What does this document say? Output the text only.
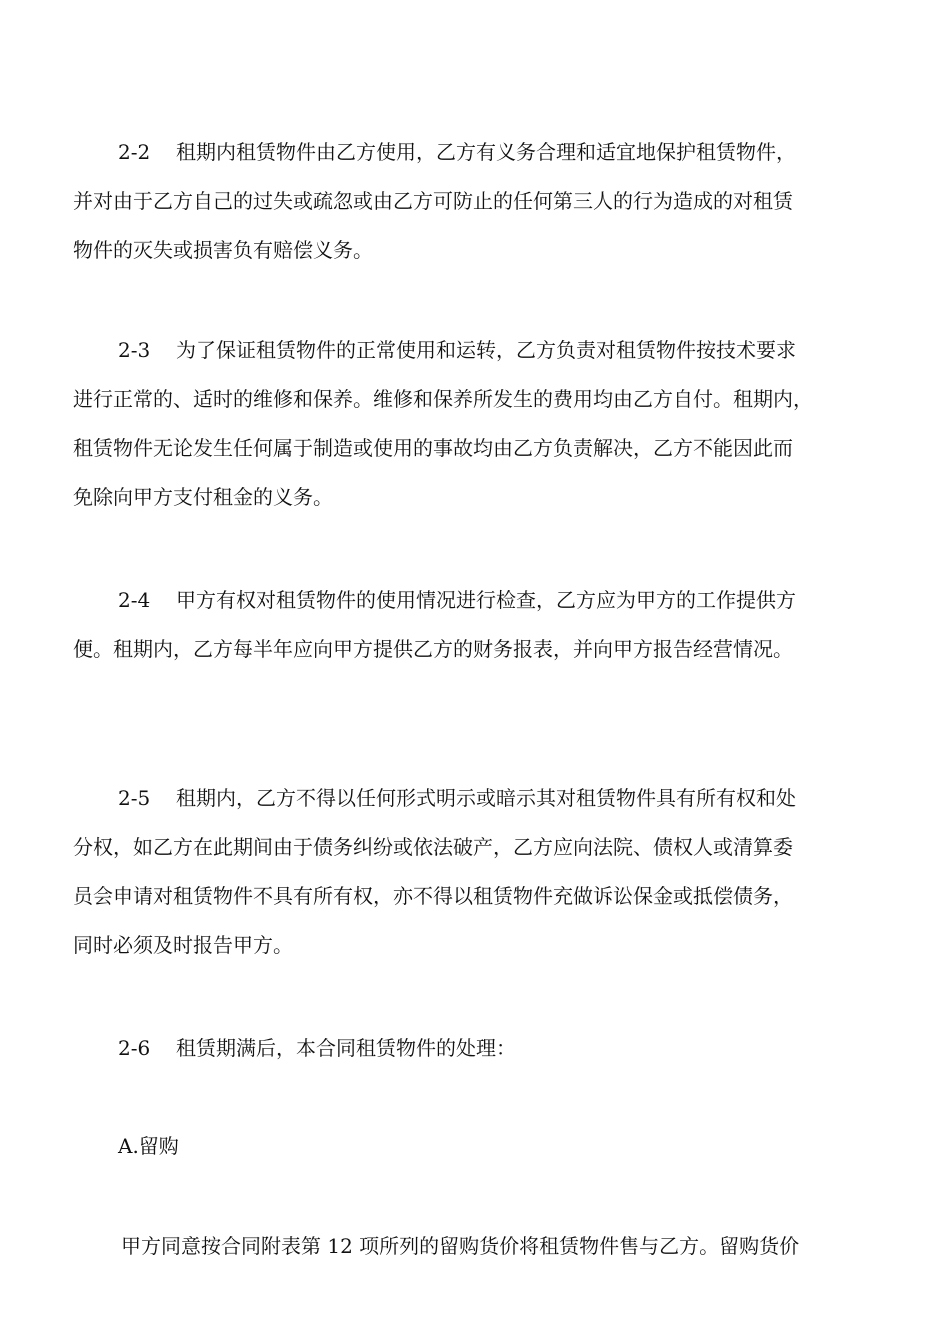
2-2 租期内租赁物件由乙方使用，乙方有义务合理和适宜地保护租赁物件，
并对由于乙方自己的过失或疏忽或由乙方可防止的任何第三人的行为造成的对租赁
物件的灭失或损害负有赔偿义务。
2-3 为了保证租赁物件的正常使用和运转，乙方负责对租赁物件按技术要求
进行正常的、适时的维修和保养。维修和保养所发生的费用均由乙方自付。租期内，
租赁物件无论发生任何属于制造或使用的事故均由乙方负责解决，乙方不能因此而
免除向甲方支付租金的义务。
2-4 甲方有权对租赁物件的使用情况进行检查，乙方应为甲方的工作提供方
便。租期内，乙方每半年应向甲方提供乙方的财务报表，并向甲方报告经营情况。
2-5 租期内，乙方不得以任何形式明示或暗示其对租赁物件具有所有权和处
分权，如乙方在此期间由于债务纠纷或依法破产，乙方应向法院、债权人或清算委
员会申请对租赁物件不具有所有权，亦不得以租赁物件充做诉讼保金或抵偿债务，
同时必须及时报告甲方。
2-6 租赁期满后，本合同租赁物件的处理：
A.留购
甲方同意按合同附表第 12 项所列的留购货价将租赁物件售与乙方。留购货价
